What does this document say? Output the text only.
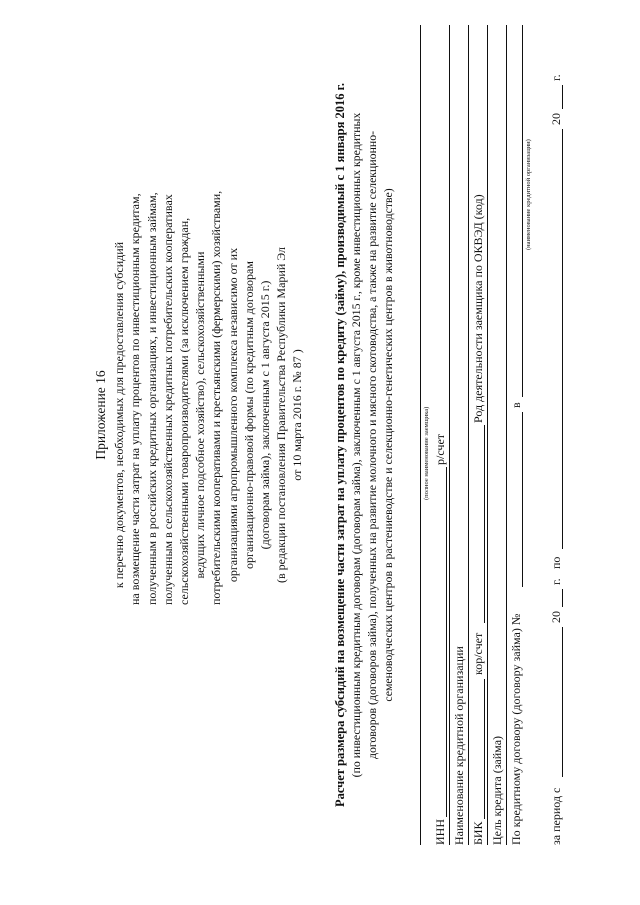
Приложение 16 к перечню документов, необходимых для предоставления субсидий на возмещение части затрат на уплату процентов по инвестиционным кредитам, полученным в российских кредитных организациях, и инвестиционным займам, полученным в сельскохозяйственных кредитных потребительских кооперативах сельскохозяйственными товаропроизводителями (за исключением граждан, ведущих личное подсобное хозяйство), сельскохозяйственными потребительскими кооперативами и крестьянскими (фермерскими) хозяйствами, организациями агропромышленного комплекса независимо от их организационно-правовой формы (по кредитным договорам (договорам займа), заключенным с 1 августа 2015 г.) (в редакции постановления Правительства Республики Марий Эл от 10 марта 2016 г. № 87 ) Расчет размера субсидий на возмещение части затрат на уплату процентов по кредиту (займу), производимый с 1 января 2016 г. (по инвестиционным кредитным договорам (договорам займа), заключенным с 1 августа 2015 г., кроме инвестиционных кредитных договоров (договоров займа), полученных на развитие молочного и мясного скотоводства, а также на развитие селекционно- семеноводческих центров в растениеводстве и селекционно-генетических центров в животноводстве)	(полное наименование заемщика)
ИНН
р/счет
Наименование кредитной организации БИК
кор/счет
Род деятельности заемщика по ОКВЭД (код)
Цель кредита (займа) По кредитному договору (договору займа) №
в
(наименование кредитной организации)
за период с
20
г.
по
20
г.
